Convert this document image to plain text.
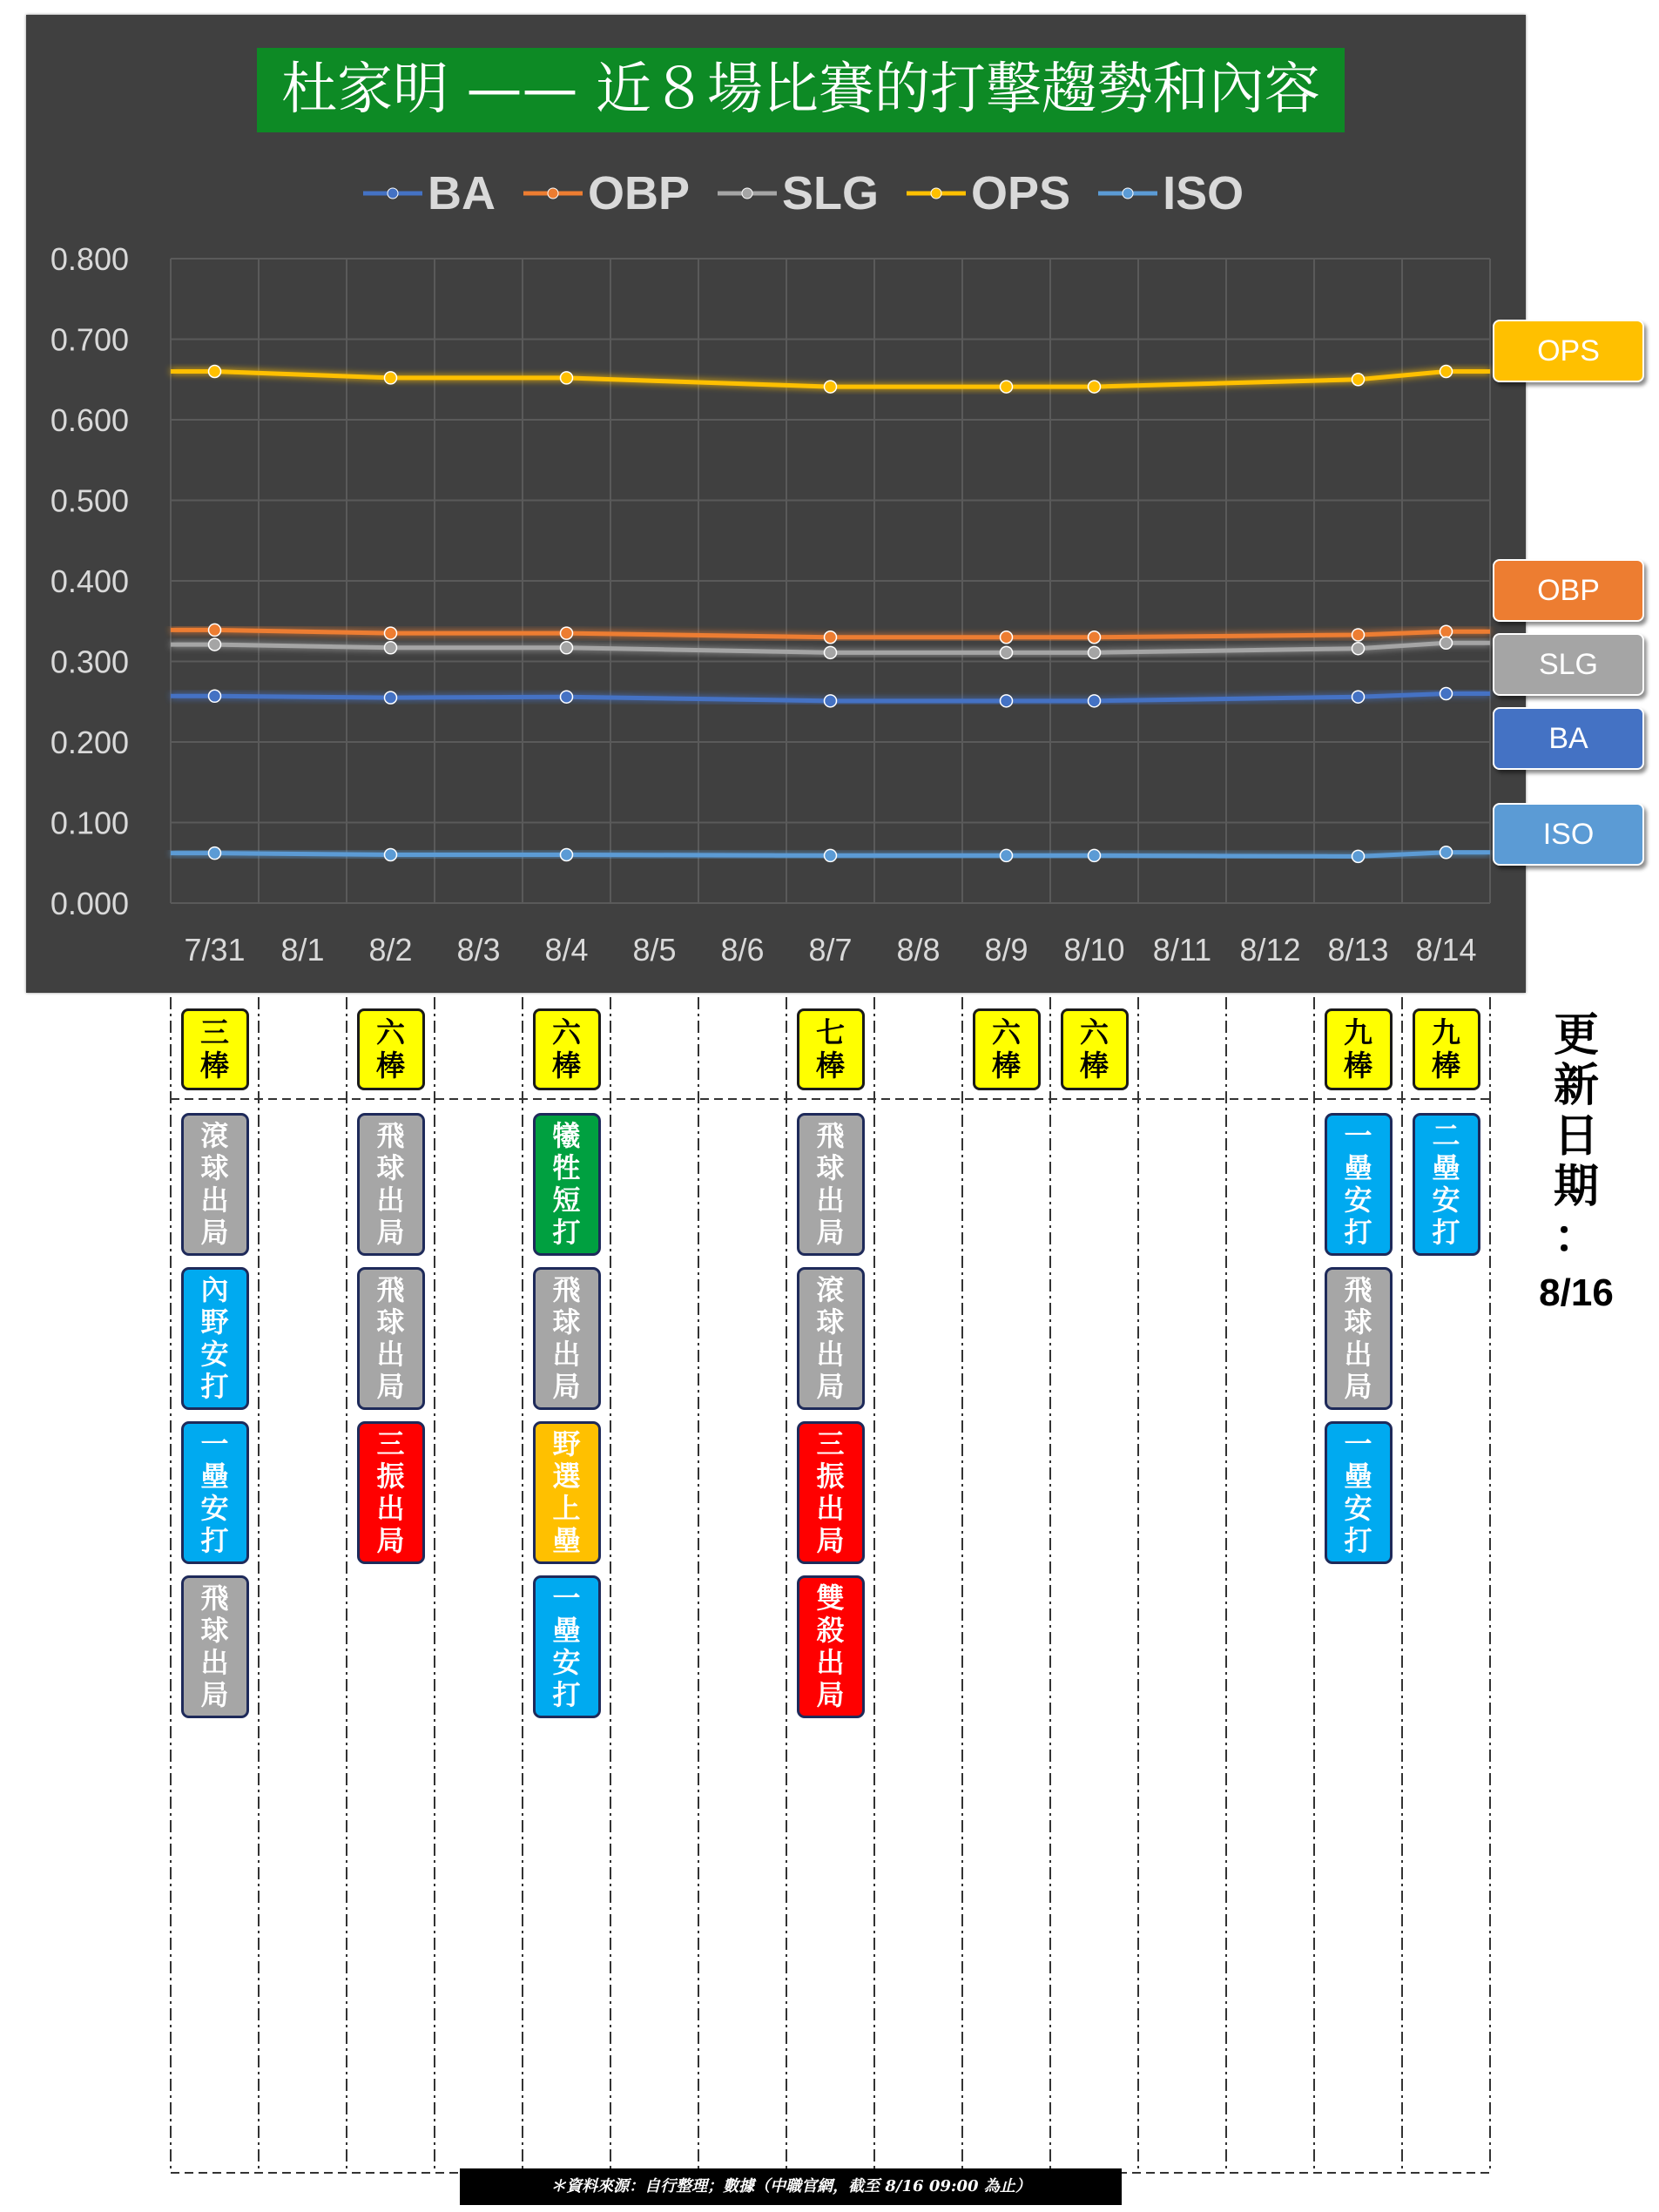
0.000
0.100
0.200
0.300
0.400
0.500
0.600
0.700
0.800
7/31 8/1 8/2 8/3 8/4 8/5 8/6 8/7 8/8 8/9 8/10 8/11 8/12 8/13 8/14
杜家明 —— 近８場比賽的打擊趨勢和內容
BA OBP SLG OPS ISO
OPS
OBP
SLG
BA
ISO
三
棒
滾
球
出
局
內
野
安
打
一
壘
安
打
飛
球
出
局
六
棒
飛
球
出
局
飛
球
出
局
三
振
出
局
六
棒
犧
牲
短
打
飛
球
出
局
野
選
上
壘
一
壘
安
打
七
棒
飛
球
出
局
滾
球
出
局
三
振
出
局
雙
殺
出
局
六
棒
六
棒
九
棒
一
壘
安
打
飛
球
出
局
一
壘
安
打
九
棒
二
壘
安
打
更
新
日
期
：
8/16
＊資料來源：自行整理；數據（中職官網，截至 8/16 09:00 為止）
